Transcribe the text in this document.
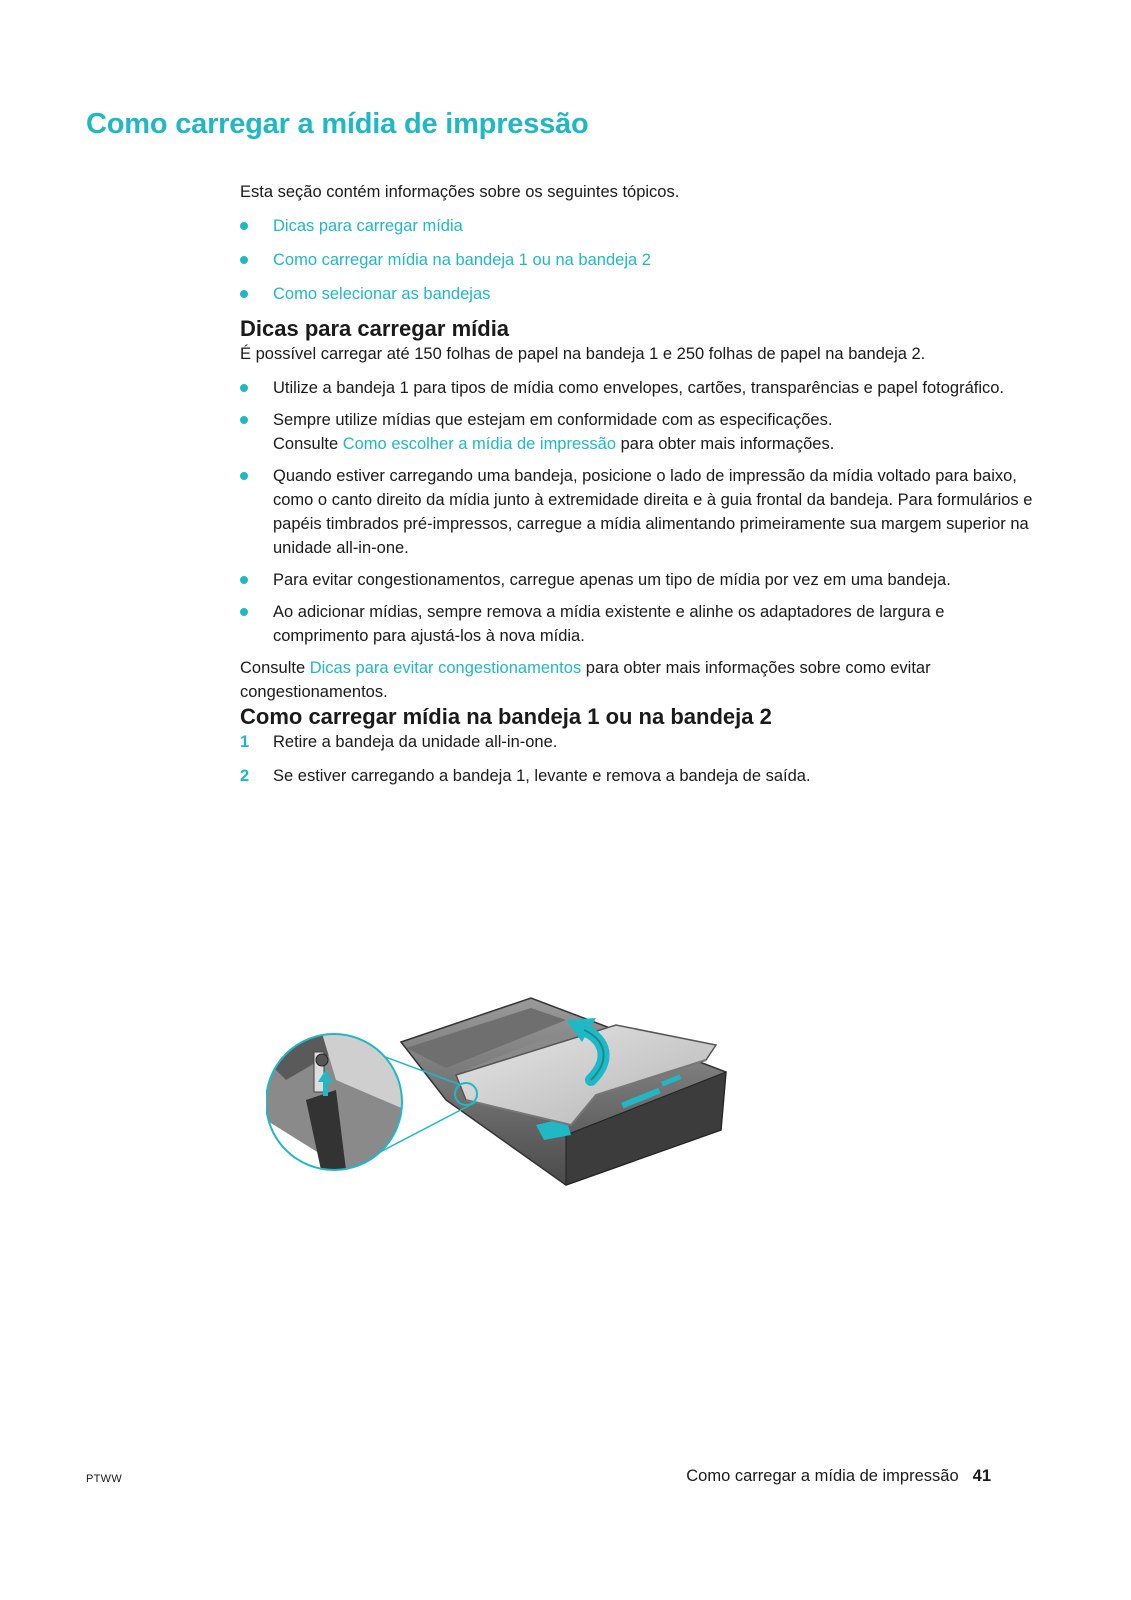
Como carregar a mídia de impressão

Esta seção contém informações sobre os seguintes tópicos.

Dicas para carregar mídia
Como carregar mídia na bandeja 1 ou na bandeja 2
Como selecionar as bandejas
Dicas para carregar mídia

É possível carregar até 150 folhas de papel na bandeja 1 e 250 folhas de papel na bandeja 2.

Utilize a bandeja 1 para tipos de mídia como envelopes, cartões, transparências e papel fotográfico.
Sempre utilize mídias que estejam em conformidade com as especificações.
Consulte Como escolher a mídia de impressão para obter mais informações.
Quando estiver carregando uma bandeja, posicione o lado de impressão da mídia voltado para baixo, como o canto direito da mídia junto à extremidade direita e à guia frontal da bandeja. Para formulários e papéis timbrados pré-impressos, carregue a mídia alimentando primeiramente sua margem superior na unidade all-in-one.
Para evitar congestionamentos, carregue apenas um tipo de mídia por vez em uma bandeja.
Ao adicionar mídias, sempre remova a mídia existente e alinhe os adaptadores de largura e comprimento para ajustá-los à nova mídia.

Consulte Dicas para evitar congestionamentos para obter mais informações sobre como evitar congestionamentos.

Como carregar mídia na bandeja 1 ou na bandeja 2
1 Retire a bandeja da unidade all-in-one.
2 Se estiver carregando a bandeja 1, levante e remova a bandeja de saída.
PTWW	Como carregar a mídia de impressão 41
